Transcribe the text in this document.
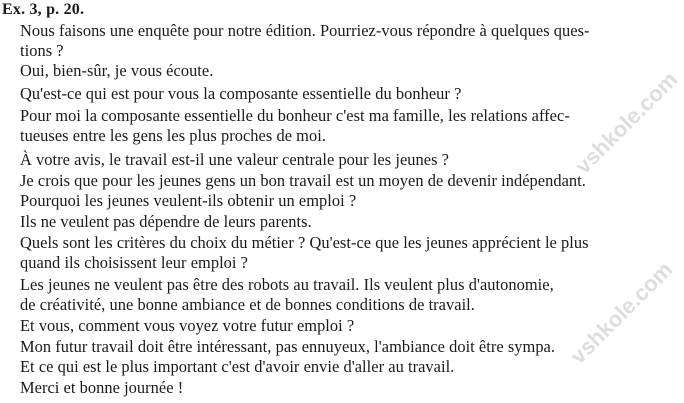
Ex. 3, p. 20.
Nous faisons une enquête pour notre édition. Pourriez-vous répondre à quelques ques-
tions ?
Oui, bien-sûr, je vous écoute.
Qu'est-ce qui est pour vous la composante essentielle du bonheur ?
Pour moi la composante essentielle du bonheur c'est ma famille, les relations affec-
tueuses entre les gens les plus proches de moi.
À votre avis, le travail est-il une valeur centrale pour les jeunes ?
Je crois que pour les jeunes gens un bon travail est un moyen de devenir indépendant.
Pourquoi les jeunes veulent-ils obtenir un emploi ?
Ils ne veulent pas dépendre de leurs parents.
Quels sont les critères du choix du métier ? Qu'est-ce que les jeunes apprécient le plus
quand ils choisissent leur emploi ?
Les jeunes ne veulent pas être des robots au travail. Ils veulent plus d'autonomie,
de créativité, une bonne ambiance et de bonnes conditions de travail.
Et vous, comment vous voyez votre futur emploi ?
Mon futur travail doit être intéressant, pas ennuyeux, l'ambiance doit être sympa.
Et ce qui est le plus important c'est d'avoir envie d'aller au travail.
Merci et bonne journée !
vshkole.com
vshkole.com
